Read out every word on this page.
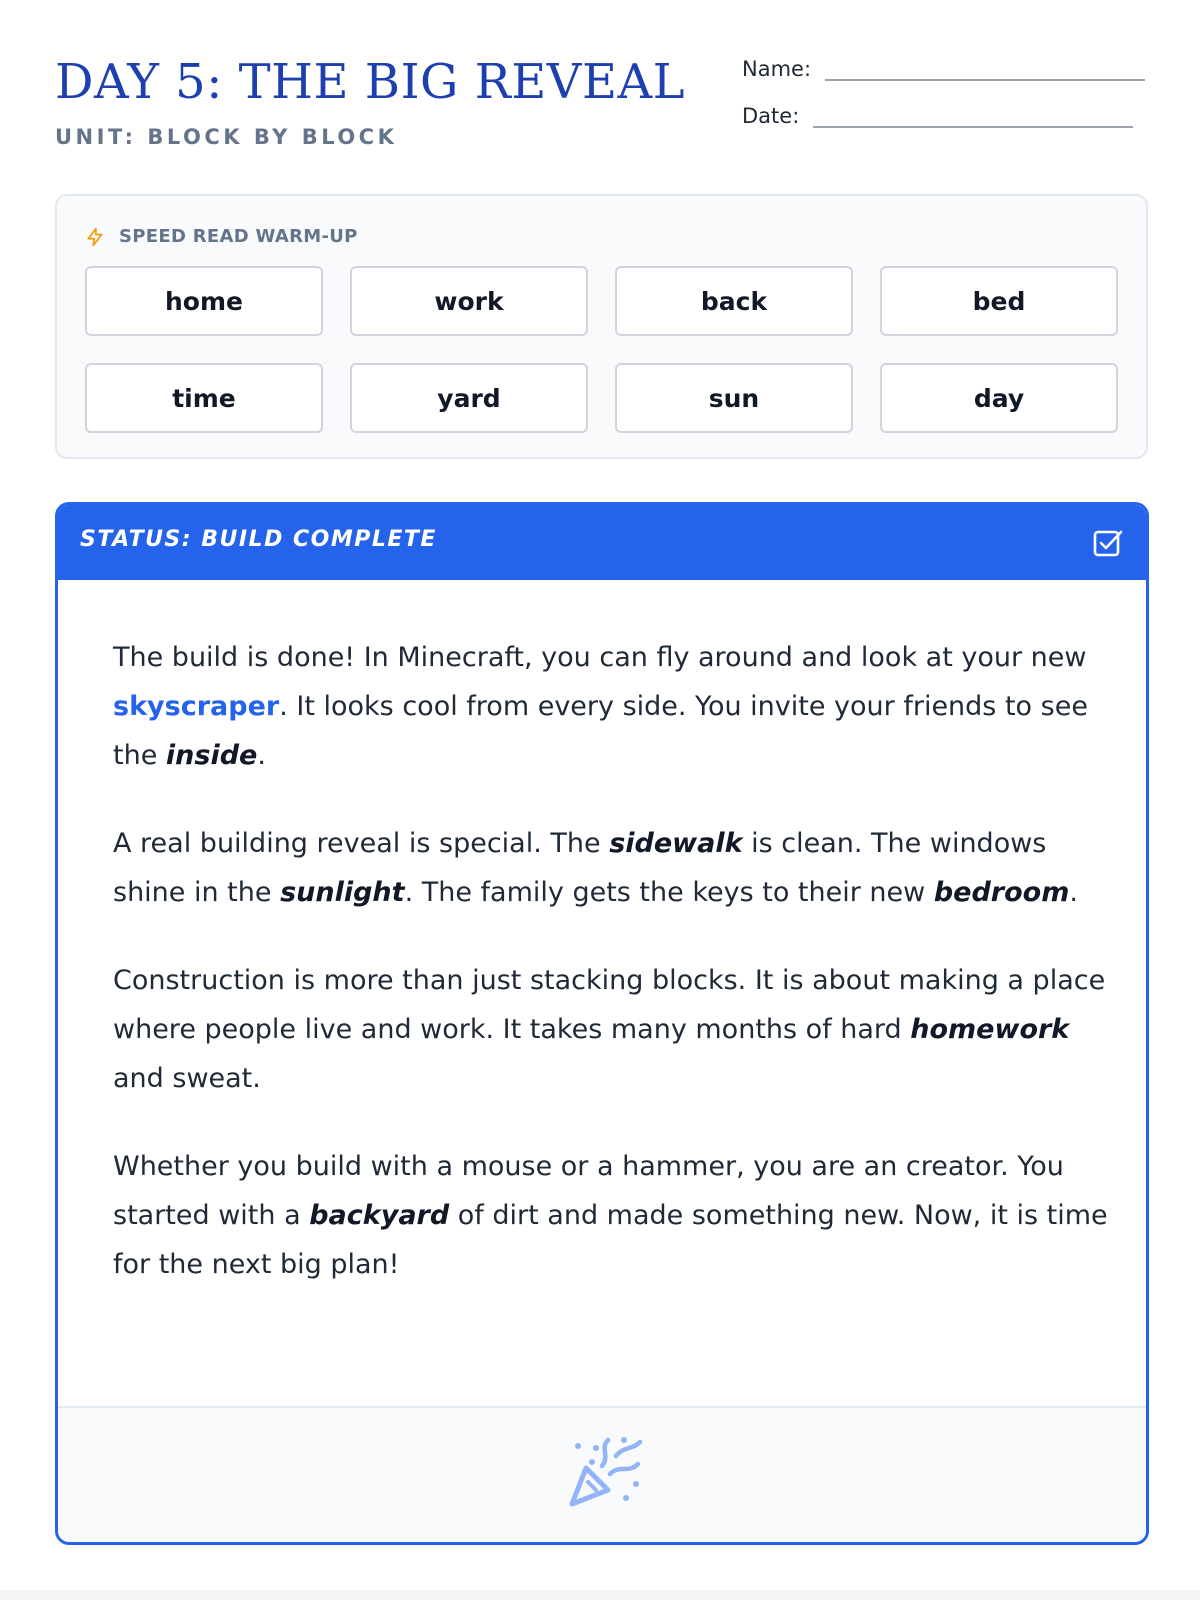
DAY 5: THE BIG REVEAL
UNIT: BLOCK BY BLOCK
Name:
Date:
SPEED READ WARM-UP
home	work	back	bed
time	yard	sun	day
STATUS: BUILD COMPLETE

The build is done! In Minecraft, you can fly around and look at your new skyscraper. It looks cool from every side. You invite your friends to see the inside.

A real building reveal is special. The sidewalk is clean. The windows shine in the sunlight. The family gets the keys to their new bedroom.

Construction is more than just stacking blocks. It is about making a place where people live and work. It takes many months of hard homework and sweat.

Whether you build with a mouse or a hammer, you are an creator. You started with a backyard of dirt and made something new. Now, it is time for the next big plan!
